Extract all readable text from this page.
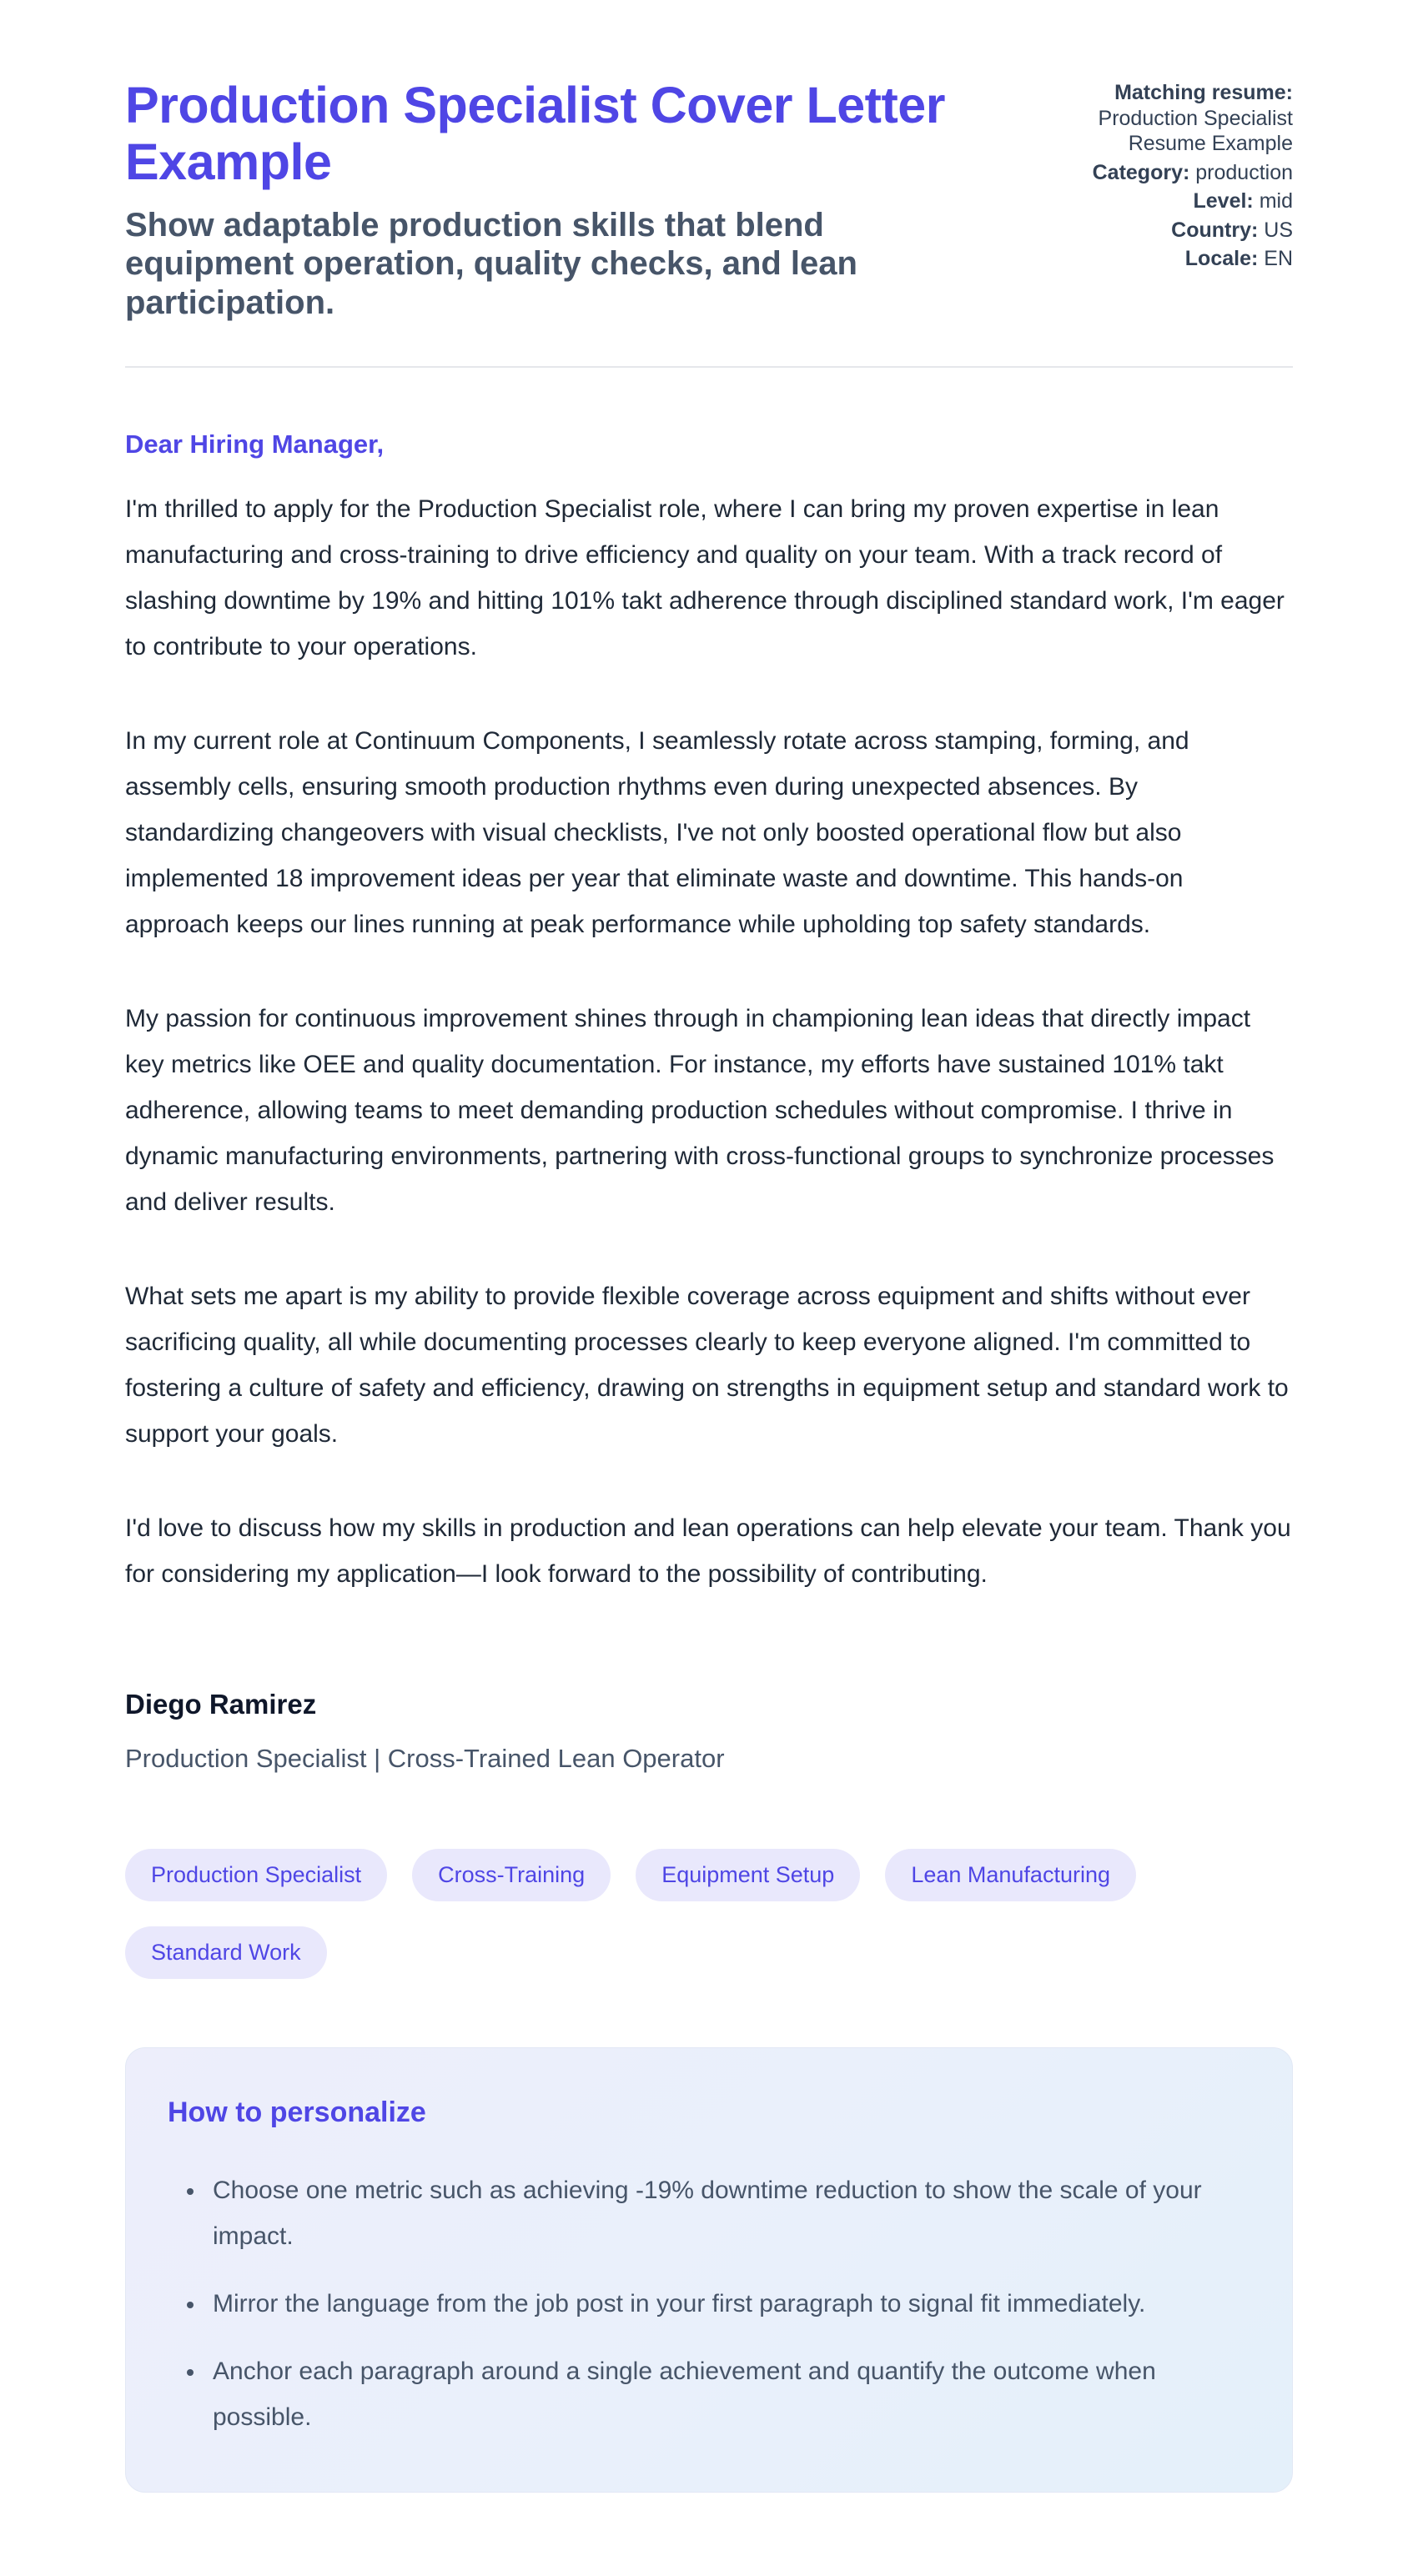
Production Specialist Cover Letter Example
Show adaptable production skills that blend equipment operation, quality checks, and lean participation.
Matching resume: Production Specialist Resume Example
Category: production
Level: mid
Country: US
Locale: EN
Dear Hiring Manager,

I'm thrilled to apply for the Production Specialist role, where I can bring my proven expertise in lean manufacturing and cross-training to drive efficiency and quality on your team. With a track record of slashing downtime by 19% and hitting 101% takt adherence through disciplined standard work, I'm eager to contribute to your operations.

In my current role at Continuum Components, I seamlessly rotate across stamping, forming, and assembly cells, ensuring smooth production rhythms even during unexpected absences. By standardizing changeovers with visual checklists, I've not only boosted operational flow but also implemented 18 improvement ideas per year that eliminate waste and downtime. This hands-on approach keeps our lines running at peak performance while upholding top safety standards.

My passion for continuous improvement shines through in championing lean ideas that directly impact key metrics like OEE and quality documentation. For instance, my efforts have sustained 101% takt adherence, allowing teams to meet demanding production schedules without compromise. I thrive in dynamic manufacturing environments, partnering with cross-functional groups to synchronize processes and deliver results.

What sets me apart is my ability to provide flexible coverage across equipment and shifts without ever sacrificing quality, all while documenting processes clearly to keep everyone aligned. I'm committed to fostering a culture of safety and efficiency, drawing on strengths in equipment setup and standard work to support your goals.

I'd love to discuss how my skills in production and lean operations can help elevate your team. Thank you for considering my application—I look forward to the possibility of contributing.

Diego Ramirez
Production Specialist | Cross-Trained Lean Operator
Production Specialist	Cross-Training	Equipment Setup	Lean Manufacturing
Standard Work
How to personalize
• Choose one metric such as achieving -19% downtime reduction to show the scale of your impact.
• Mirror the language from the job post in your first paragraph to signal fit immediately.
• Anchor each paragraph around a single achievement and quantify the outcome when possible.
